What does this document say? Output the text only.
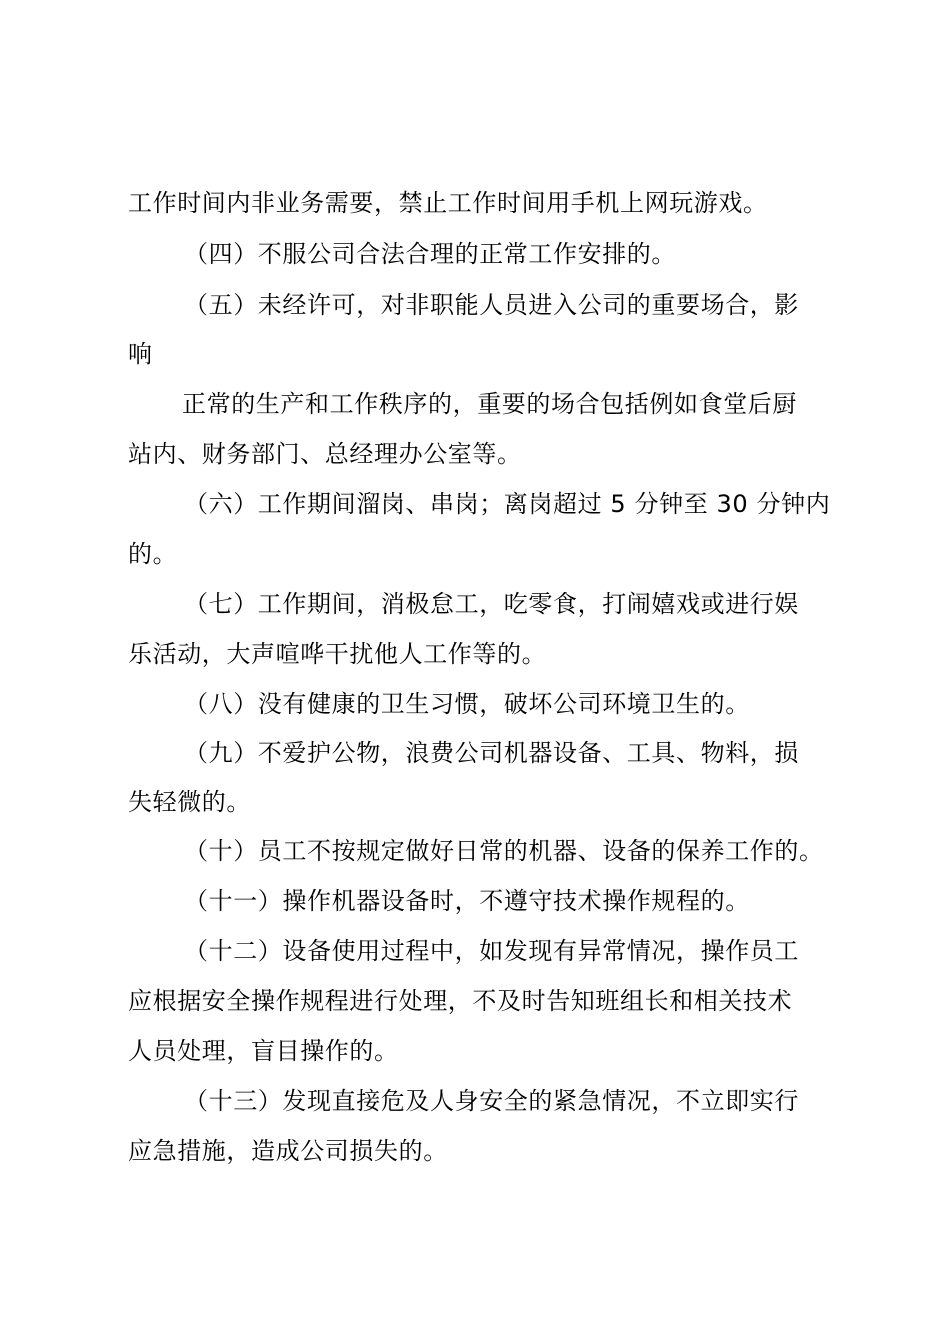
工作时间内非业务需要，禁止工作时间用手机上网玩游戏。
（四）不服公司合法合理的正常工作安排的。
（五）未经许可，对非职能人员进入公司的重要场合，影
响
正常的生产和工作秩序的，重要的场合包括例如食堂后厨
站内、财务部门、总经理办公室等。
（六）工作期间溜岗、串岗；离岗超过 5 分钟至 30 分钟内
的。
（七）工作期间，消极怠工，吃零食，打闹嬉戏或进行娱
乐活动，大声喧哗干扰他人工作等的。
（八）没有健康的卫生习惯，破坏公司环境卫生的。
（九）不爱护公物，浪费公司机器设备、工具、物料，损
失轻微的。
（十）员工不按规定做好日常的机器、设备的保养工作的。
（十一）操作机器设备时，不遵守技术操作规程的。
（十二）设备使用过程中，如发现有异常情况，操作员工
应根据安全操作规程进行处理，不及时告知班组长和相关技术
人员处理，盲目操作的。
（十三）发现直接危及人身安全的紧急情况，不立即实行
应急措施，造成公司损失的。
